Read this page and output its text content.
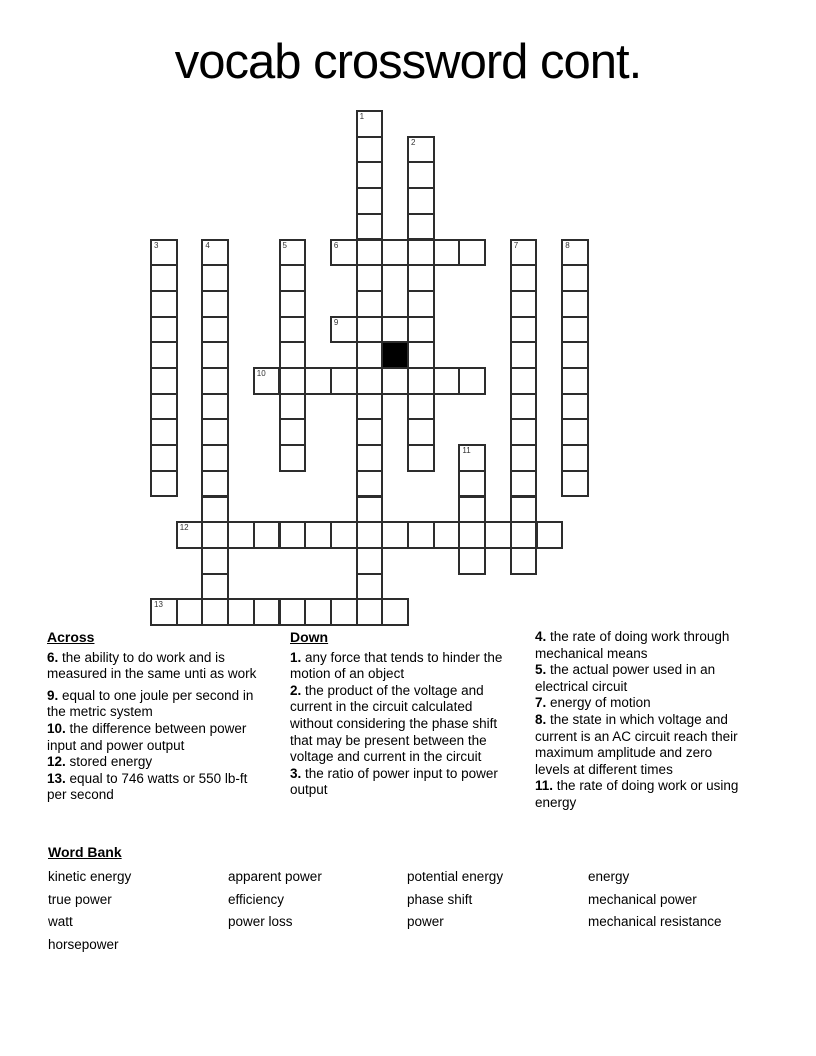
vocab crossword cont.
1
2
3	4	5	6	7	8
9
10
11
12
13
Across
6. the ability to do work and is measured in the same unti as work
9. equal to one joule per second in the metric system
10. the difference between power input and power output
12. stored energy
13. equal to 746 watts or 550 lb-ft per second
Down
1. any force that tends to hinder the motion of an object
2. the product of the voltage and current in the circuit calculated without considering the phase shift that may be present between the voltage and current in the circuit
3. the ratio of power input to power output
4. the rate of doing work through mechanical means
5. the actual power used in an electrical circuit
7. energy of motion
8. the state in which voltage and current is an AC circuit reach their maximum amplitude and zero levels at different times
11. the rate of doing work or using energy
Word Bank
kinetic energy
true power
watt
horsepower
apparent power
efficiency
power loss
potential energy
phase shift
power
energy
mechanical power
mechanical resistance
